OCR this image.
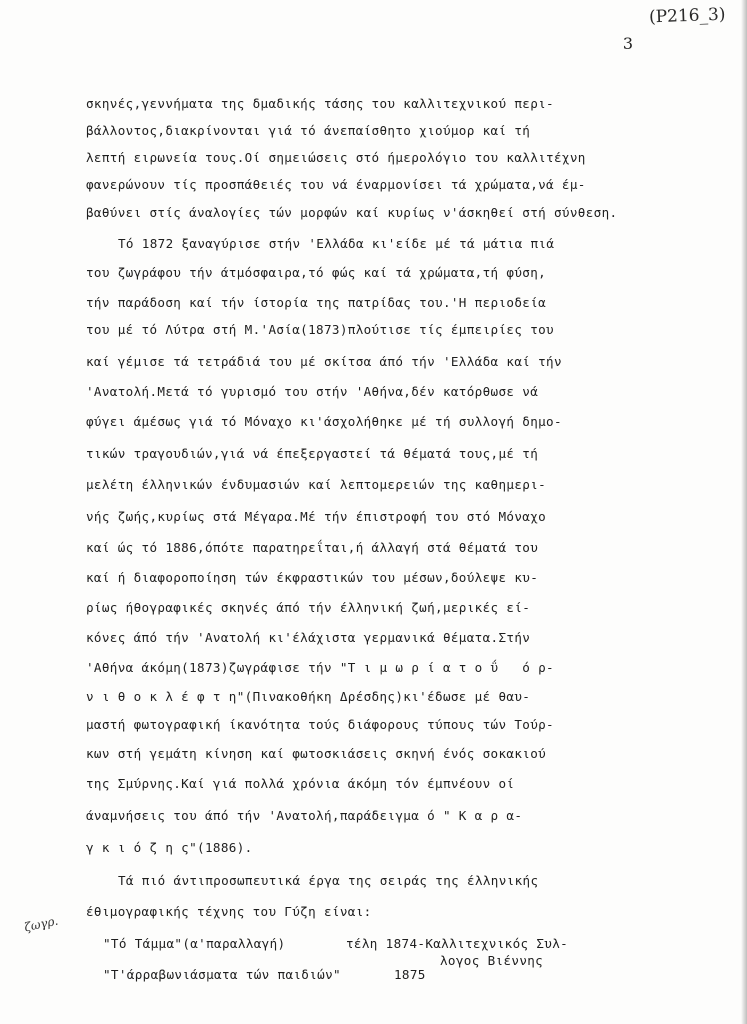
(Ρ216_3)
3
σκηνές,γεννήματα της δμαδικής τάσης του καλλιτεχνικού περι-
βάλλοντος,διακρίνονται γιά τό άνεπαίσθητο χιούμορ καί τή
λεπτή ειρωνεία τους.Οί σημειώσεις στό ήμερολόγιο του καλλιτέχνη
φανερώνουν τίς προσπάθειές του νά έναρμονίσει τά χρώματα,νά έμ-
βαθύνει στίς άναλογίες τών μορφών καί κυρίως ν'άσκηθεί στή σύνθεση.
Τό 1872 ξαναγύρισε στήν 'Ελλάδα κι'είδε μέ τά μάτια πιά
του ζωγράφου τήν άτμόσφαιρα,τό φώς καί τά χρώματα,τή φύση,
τήν παράδοση καί τήν ίστορία της πατρίδας του.'Η περιοδεία
του μέ τό Λύτρα στή Μ.'Ασία(1873)πλούτισε τίς έμπειρίες του
καί γέμισε τά τετράδιά του μέ σκίτσα άπό τήν 'Ελλάδα καί τήν
'Ανατολή.Μετά τό γυρισμό του στήν 'Αθήνα,δέν κατόρθωσε νά
φύγει άμέσως γιά τό Μόναχο κι'άσχολήθηκε μέ τή συλλογή δημο-
τικών τραγουδιών,γιά νά έπεξεργαστεί τά θέματά τους,μέ τή
μελέτη έλληνικών ένδυμασιών καί λεπτομερειών της καθημερι-
νής ζωής,κυρίως στά Μέγαρα.Μέ τήν έπιστροφή του στό Μόναχο
καί ώς τό 1886,όπότε παρατηρεΐται,ή άλλαγή στά θέματά του
καί ή διαφοροποίηση τών έκφραστικών του μέσων,δούλεψε κυ-
ρίως ήθογραφικές σκηνές άπό τήν έλληνική ζωή,μερικές εί-
κόνες άπό τήν 'Ανατολή κι'έλάχιστα γερμανικά θέματα.Στήν
'Αθήνα άκόμη(1873)ζωγράφισε τήν "Τ ι μ ω ρ ί α τ ο ΰ   ό ρ-
ν ι θ ο κ λ έ φ τ η"(Πινακοθήκη Δρέσδης)κι'έδωσε μέ θαυ-
μαστή φωτογραφική ίκανότητα τούς διάφορους τύπους τών Τούρ-
κων στή γεμάτη κίνηση καί φωτοσκιάσεις σκηνή ένός σοκακιού
της Σμύρνης.Καί γιά πολλά χρόνια άκόμη τόν έμπνέουν οί
άναμνήσεις του άπό τήν 'Ανατολή,παράδειγμα ό " Κ α ρ α-
γ κ ι ό ζ η ς"(1886).
Τά πιό άντιπροσωπευτικά έργα της σειράς της έλληνικής
έθιμογραφικής τέχνης του Γύζη είναι:
ζωγρ.
"Τό Τάμμα"(α'παραλλαγή)	τέλη 1874-Καλλιτεχνικός Συλ-
λογος Βιέννης
"Τ'άρραβωνιάσματα τών παιδιών"	1875
